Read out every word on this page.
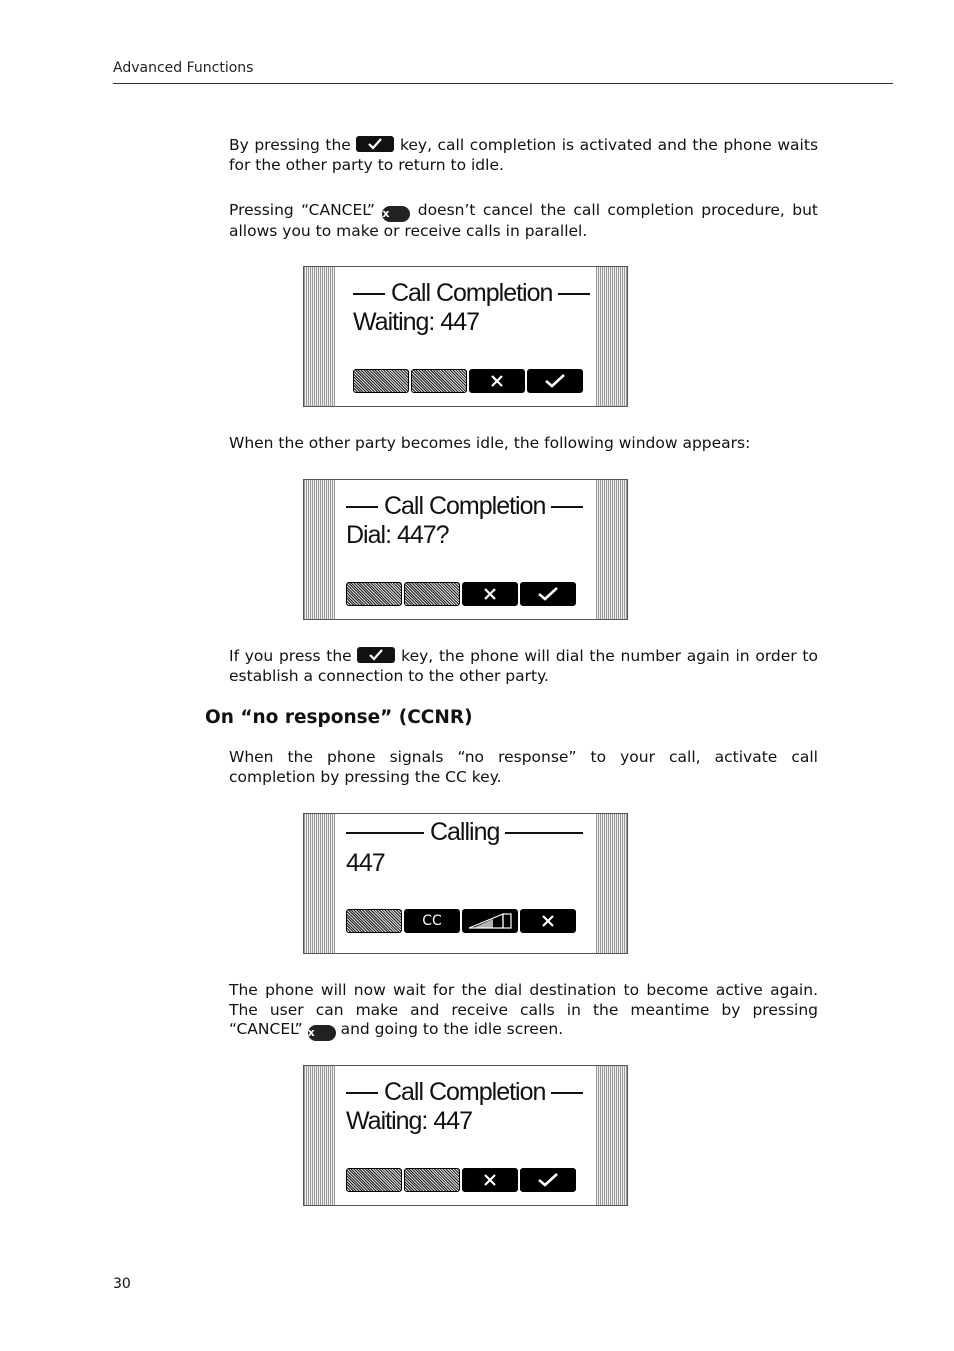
Advanced Functions
By pressing the	key, call completion is activated and the phone waits for the other party to return to idle.
Pressing “CANCEL” x doesn’t cancel the call completion procedure, but allows you to make or receive calls in parallel.
Call Completion
Waiting: 447
When the other party becomes idle, the following window appears:
Call Completion
Dial: 447?
If you press the	key, the phone will dial the number again in order to establish a connection to the other party.
On “no response” (CCNR)
When the phone signals “no response” to your call, activate call completion by pressing the CC key.
Calling
447
CC
The phone will now wait for the dial destination to become active again. The user can make and receive calls in the meantime by pressing “CANCEL” x and going to the idle screen.
Call Completion
Waiting: 447
30
